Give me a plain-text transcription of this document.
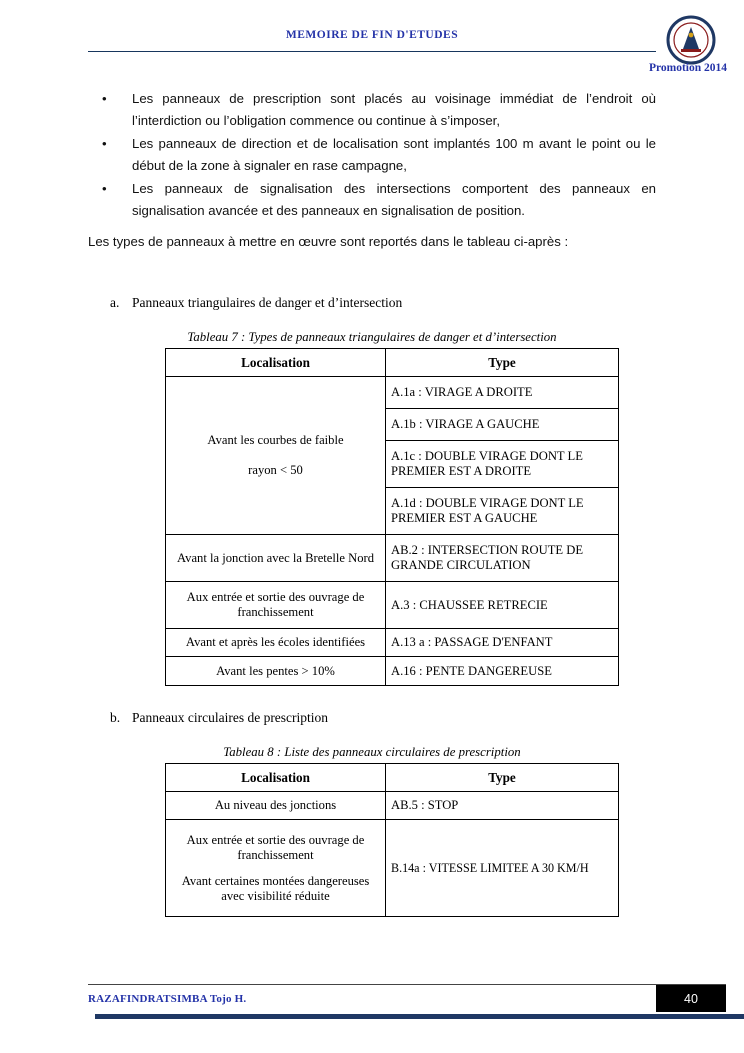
MEMOIRE DE FIN D'ETUDES
Promotion 2014
•	Les panneaux de prescription sont placés au voisinage immédiat de l’endroit où l’interdiction ou l’obligation commence ou continue à s’imposer,
•	Les panneaux de direction et de localisation sont implantés 100 m avant le point ou le début de la zone à signaler en rase campagne,
•	Les panneaux de signalisation des intersections comportent des panneaux en signalisation avancée et des panneaux en signalisation de position.
Les types de panneaux à mettre en œuvre sont reportés dans le tableau ci-après :
a. Panneaux triangulaires de danger et d’intersection
Tableau 7 : Types de panneaux triangulaires de danger et d’intersection
Localisation	Type
Avant les courbes de faible
rayon < 50	A.1a : VIRAGE A DROITE
	A.1b : VIRAGE A GAUCHE
	A.1c : DOUBLE VIRAGE DONT LE PREMIER EST A DROITE
	A.1d : DOUBLE VIRAGE DONT LE PREMIER EST A GAUCHE
Avant la jonction avec la Bretelle Nord	AB.2 : INTERSECTION ROUTE DE GRANDE CIRCULATION
Aux entrée et sortie des ouvrage de franchissement	A.3 : CHAUSSEE RETRECIE
Avant et après les écoles identifiées	A.13 a : PASSAGE D'ENFANT
Avant les pentes > 10%	A.16 : PENTE DANGEREUSE
b. Panneaux circulaires de prescription
Tableau 8 : Liste des panneaux circulaires de prescription
Localisation	Type
Au niveau des jonctions	AB.5 : STOP
Aux entrée et sortie des ouvrage de franchissement
Avant certaines montées dangereuses avec visibilité réduite	B.14a : VITESSE LIMITEE A 30 KM/H
RAZAFINDRATSIMBA Tojo H.	40
